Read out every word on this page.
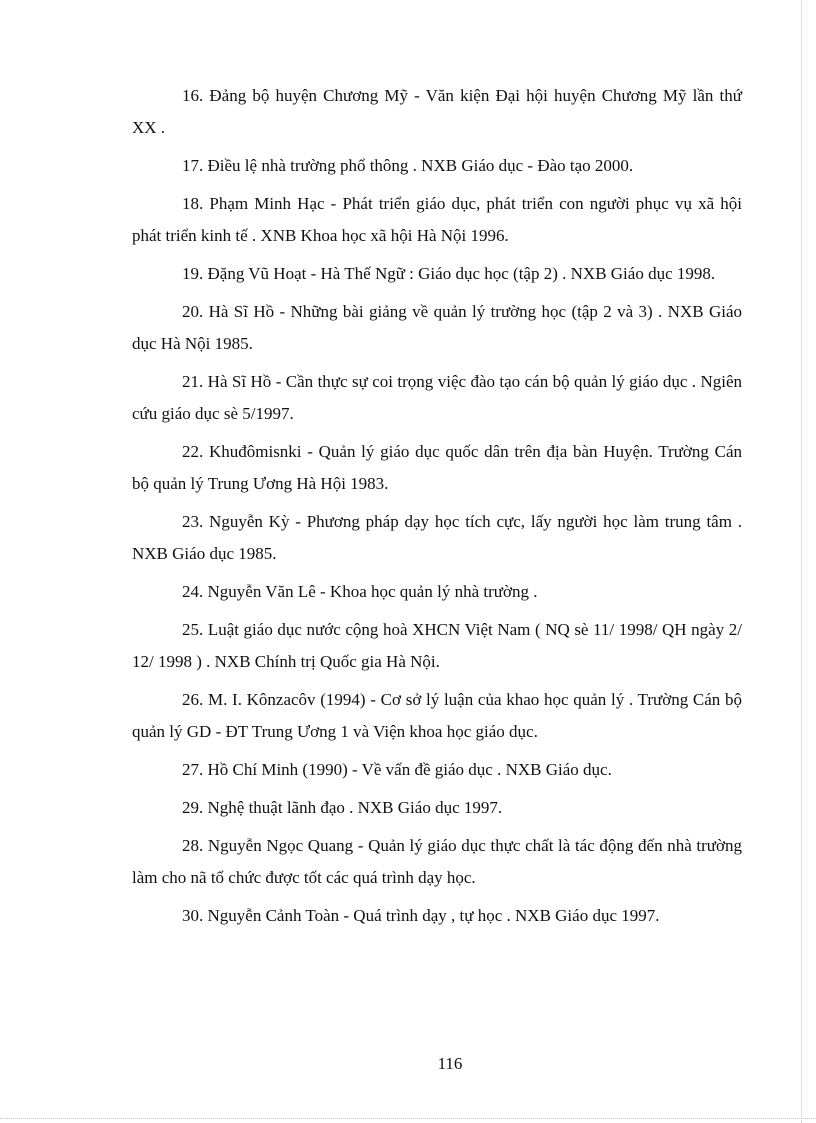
16. Đảng bộ huyện Chương Mỹ - Văn kiện Đại hội huyện Chương Mỹ lần thứ XX .

17. Điều lệ nhà trường phổ thông . NXB Giáo dục - Đào tạo 2000.

18. Phạm Minh Hạc - Phát triển giáo dục, phát triển con người phục vụ xã hội phát triển kinh tế . XNB Khoa học xã hội Hà Nội 1996.

19. Đặng Vũ Hoạt - Hà Thế Ngữ : Giáo dục học (tập 2) . NXB Giáo dục 1998.

20. Hà Sĩ Hồ - Những bài giảng về quản lý trường học (tập 2 và 3) . NXB Giáo dục Hà Nội 1985.

21. Hà Sĩ Hồ - Cần thực sự coi trọng việc đào tạo cán bộ quản lý giáo dục . Ngiên cứu giáo dục sè 5/1997.

22. Khuđômisnki - Quản lý giáo dục quốc dân trên địa bàn Huyện. Trường Cán bộ quản lý Trung Ương Hà Hội 1983.

23. Nguyễn Kỳ - Phương pháp dạy học tích cực, lấy người học làm trung tâm . NXB Giáo dục 1985.

24. Nguyễn Văn Lê - Khoa học quản lý nhà trường .

25. Luật giáo dục nước cộng hoà XHCN Việt Nam ( NQ sè 11/ 1998/ QH ngày 2/ 12/ 1998 ) . NXB Chính trị Quốc gia Hà Nội.

26. M. I. Kônzacôv (1994) - Cơ sở lý luận của khao học quản lý . Trường Cán bộ quản lý GD - ĐT Trung Ương 1 và Viện khoa học giáo dục.

27. Hồ Chí Minh (1990) - Về vấn đề giáo dục . NXB Giáo dục.

29. Nghệ thuật lãnh đạo . NXB Giáo dục 1997.

28. Nguyễn Ngọc Quang - Quản lý giáo dục thực chất là tác động đến nhà trường làm cho nã tổ chức được tốt các quá trình dạy học.

30. Nguyễn Cảnh Toàn - Quá trình dạy , tự học . NXB Giáo dục 1997.

116
